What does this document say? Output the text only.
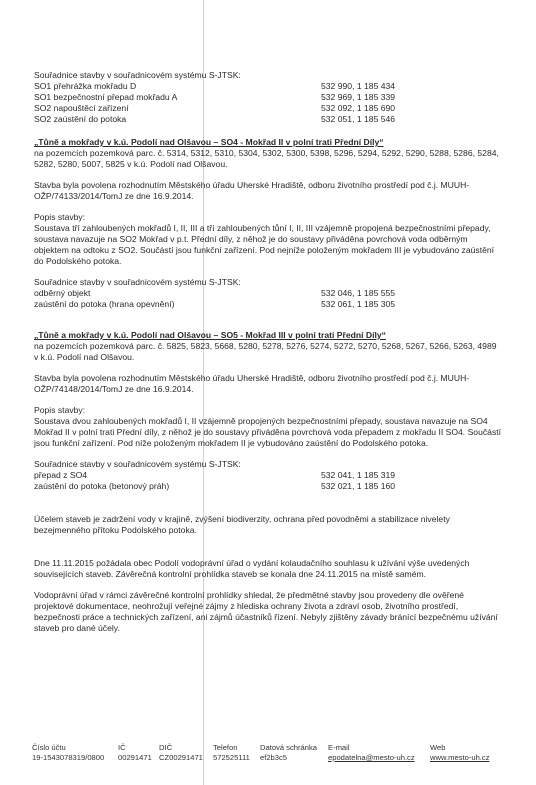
Souřadnice stavby v souřadnicovém systému S-JTSK:

SO1 přehrážka mokřadu D	532 990, 1 185 434
SO1 bezpečnostní přepad mokřadu A	532 969, 1 185 339
SO2 napouštěcí zařízení	532 092, 1 185 690
SO2 zaústění do potoka	532 051, 1 185 546

„Tůně a mokřady v k.ú. Podolí nad Olšavou – SO4 - Mokřad II v polní trati Přední Díly“

na pozemcích pozemková parc. č. 5314, 5312, 5310, 5304, 5302, 5300, 5398, 5296, 5294, 5292, 5290, 5288, 5286, 5284, 5282, 5280, 5007, 5825 v k.ú. Podolí nad Olšavou.

Stavba byla povolena rozhodnutím Městského úřadu Uherské Hradiště, odboru životního prostředí pod č.j. MUUH-OŽP/74133/2014/TomJ ze dne 16.9.2014.

Popis stavby:

Soustava tří zahloubených mokřadů I, II, III a tří zahloubených tůní I, II, III vzájemně propojená bezpečnostními přepady, soustava navazuje na SO2 Mokřad v p.t. Přední díly, z něhož je do soustavy přiváděna povrchová voda odběrným objektem na odtoku z SO2. Součástí jsou funkční zařízení. Pod nejníže položeným mokřadem III je vybudováno zaústění do Podolského potoka.

Souřadnice stavby v souřadnicovém systému S-JTSK:

odběrný objekt	532 046, 1 185 555
zaústění do potoka (hrana opevnění)	532 061, 1 185 305

„Tůně a mokřady v k.ú. Podolí nad Olšavou – SO5 - Mokřad III v polní trati Přední Díly“

na pozemcích pozemková parc. č. 5825, 5823, 5668, 5280, 5278, 5276, 5274, 5272, 5270, 5268, 5267, 5266, 5263, 4989 v k.ú. Podolí nad Olšavou.

Stavba byla povolena rozhodnutím Městského úřadu Uherské Hradiště, odboru životního prostředí pod č.j. MUUH-OŽP/74148/2014/TomJ ze dne 16.9.2014.

Popis stavby:

Soustava dvou zahloubených mokřadů I, II vzájemně propojených bezpečnostními přepady, soustava navazuje na SO4 Mokřad II v polní trati Přední díly, z něhož je do soustavy přiváděna povrchová voda přepadem z mokřadu II SO4. Součástí jsou funkční zařízení. Pod níže položeným mokřadem II je vybudováno zaústění do Podolského potoka.

Souřadnice stavby v souřadnicovém systému S-JTSK:

přepad z SO4	532 041, 1 185 319
zaústění do potoka (betonový práh)	532 021, 1 185 160

Účelem staveb je zadržení vody v krajině, zvýšení biodiverzity, ochrana před povodněmi a stabilizace nivelety bezejmenného přítoku Podolského potoka.

Dne 11.11.2015 požádala obec Podolí vodoprávní úřad o vydání kolaudačního souhlasu k užívání výše uvedených souvisejících staveb. Závěrečná kontrolní prohlídka staveb se konala dne 24.11.2015 na místě samém.

Vodoprávní úřad v rámci závěrečné kontrolní prohlídky shledal, že předmětné stavby jsou provedeny dle ověřené projektové dokumentace, neohrožují veřejné zájmy z hlediska ochrany života a zdraví osob, životního prostředí, bezpečnosti práce a technických zařízení, ani zájmů účastníků řízení. Nebyly zjištěny závady bránící bezpečnému užívání staveb pro dané účely.

Číslo účtu
19-1543078319/0800
IČ
00291471
DIČ
CZ00291471
Telefon
572525111
Datová schránka
ef2b3c5
E-mail
epodatelna@mesto-uh.cz
Web
www.mesto-uh.cz
